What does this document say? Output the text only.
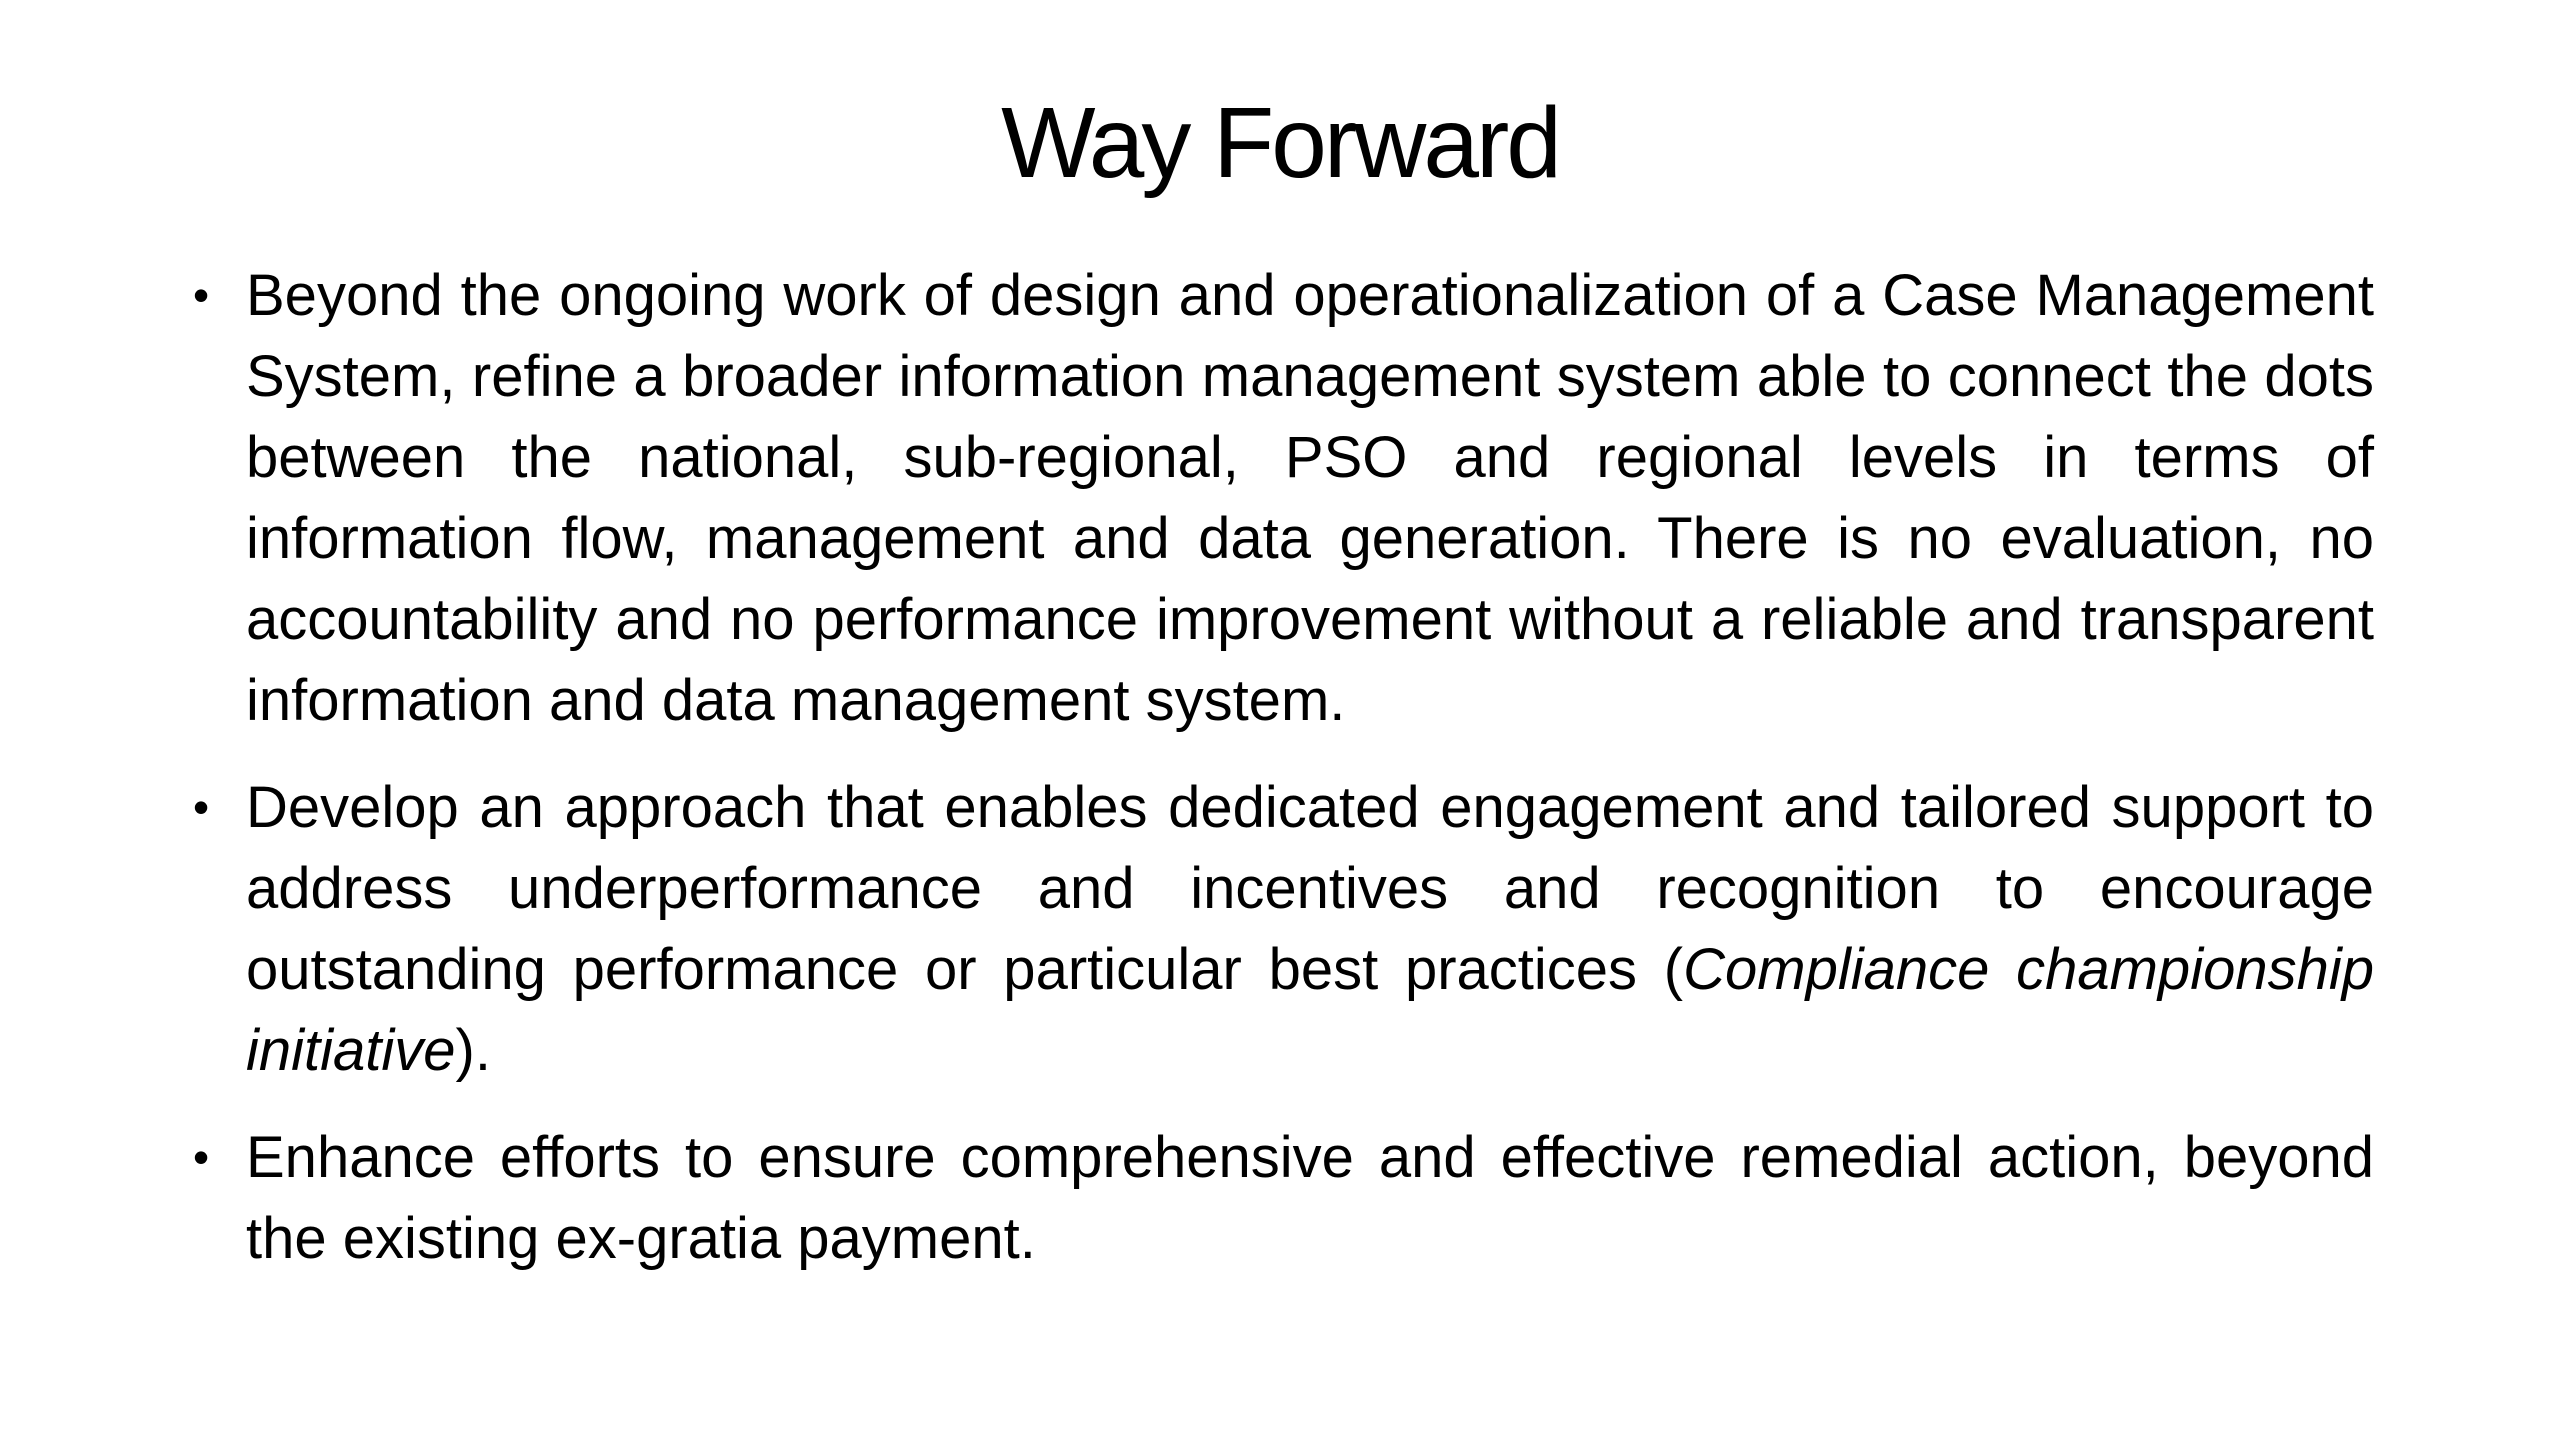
Way Forward
• Beyond the ongoing work of design and operationalization of a Case Management System, refine a broader information management system able to connect the dots between the national, sub-regional, PSO and regional levels in terms of information flow, management and data generation. There is no evaluation, no accountability and no performance improvement without a reliable and transparent information and data management system.
• Develop an approach that enables dedicated engagement and tailored support to address underperformance and incentives and recognition to encourage outstanding performance or particular best practices (Compliance championship initiative).
• Enhance efforts to ensure comprehensive and effective remedial action, beyond the existing ex-gratia payment.
